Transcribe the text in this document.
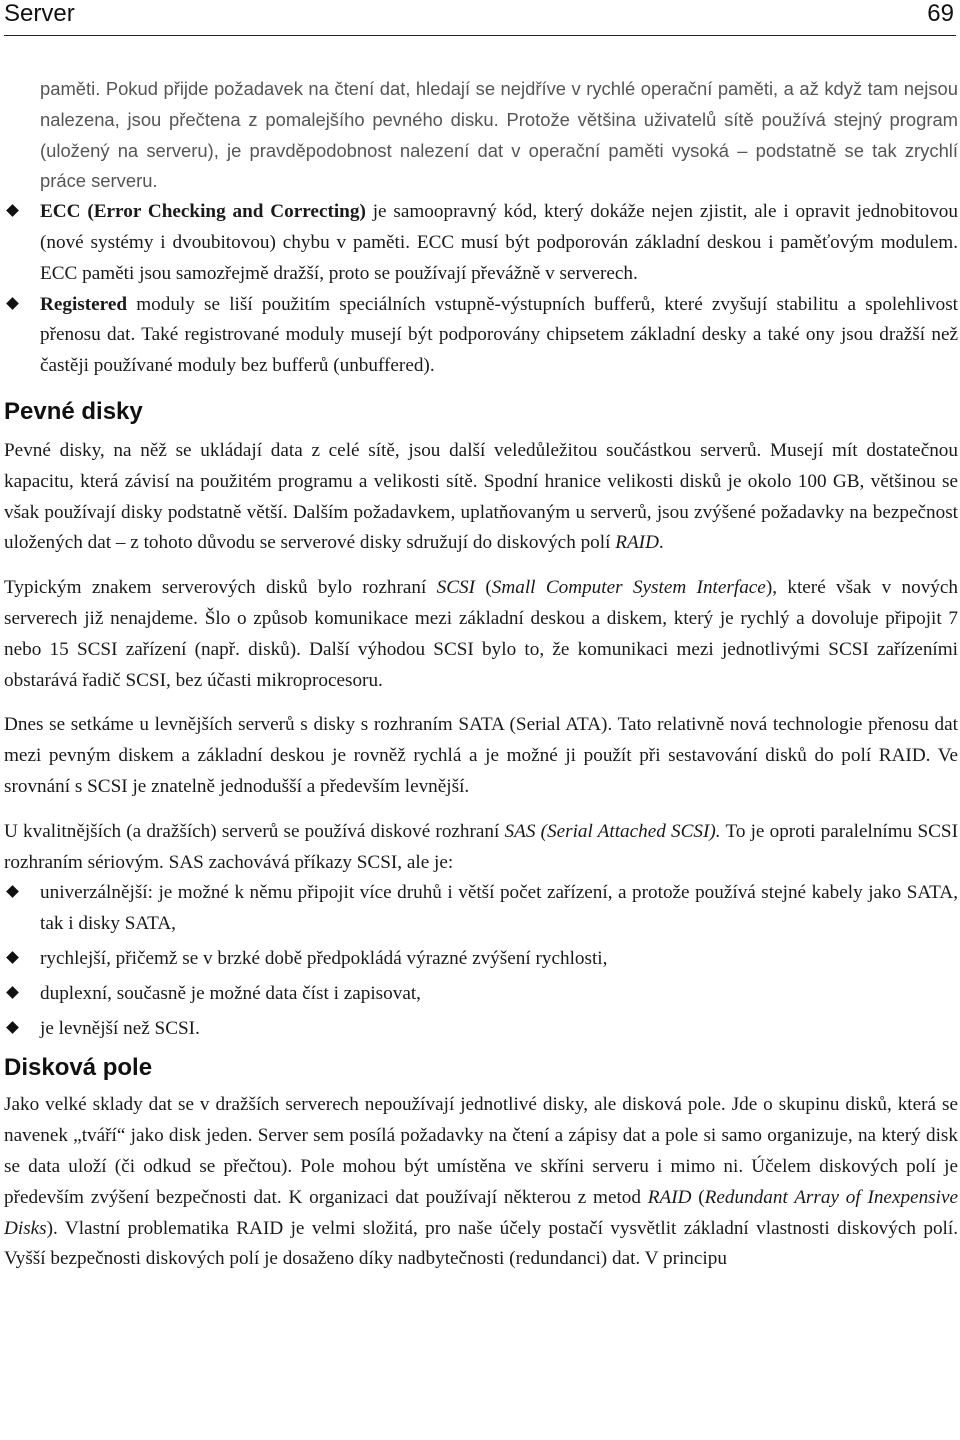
Server	69

paměti. Pokud přijde požadavek na čtení dat, hledají se nejdříve v rychlé operační paměti, a až když tam nejsou nalezena, jsou přečtena z pomalejšího pevného disku. Protože většina uživatelů sítě používá stejný program (uložený na serveru), je pravděpodobnost nalezení dat v operační paměti vysoká – podstatně se tak zrychlí práce serveru.

ECC (Error Checking and Correcting) je samoopravný kód, který dokáže nejen zjistit, ale i opravit jednobitovou (nové systémy i dvoubitovou) chybu v paměti. ECC musí být podporován základní deskou i paměťovým modulem. ECC paměti jsou samozřejmě dražší, proto se používají převážně v serverech.
Registered moduly se liší použitím speciálních vstupně-výstupních bufferů, které zvyšují stabilitu a spolehlivost přenosu dat. Také registrované moduly musejí být podporovány chipsetem základní desky a také ony jsou dražší než častěji používané moduly bez bufferů (unbuffered).
Pevné disky

Pevné disky, na něž se ukládají data z celé sítě, jsou další veledůležitou součástkou serverů. Musejí mít dostatečnou kapacitu, která závisí na použitém programu a velikosti sítě. Spodní hranice velikosti disků je okolo 100 GB, většinou se však používají disky podstatně větší. Dalším požadavkem, uplatňovaným u serverů, jsou zvýšené požadavky na bezpečnost uložených dat – z tohoto důvodu se serverové disky sdružují do diskových polí RAID.

Typickým znakem serverových disků bylo rozhraní SCSI (Small Computer System Interface), které však v nových serverech již nenajdeme. Šlo o způsob komunikace mezi základní deskou a diskem, který je rychlý a dovoluje připojit 7 nebo 15 SCSI zařízení (např. disků). Další výhodou SCSI bylo to, že komunikaci mezi jednotlivými SCSI zařízeními obstarává řadič SCSI, bez účasti mikroprocesoru.

Dnes se setkáme u levnějších serverů s disky s rozhraním SATA (Serial ATA). Tato relativně nová technologie přenosu dat mezi pevným diskem a základní deskou je rovněž rychlá a je možné ji použít při sestavování disků do polí RAID. Ve srovnání s SCSI je znatelně jednodušší a především levnější.

U kvalitnějších (a dražších) serverů se používá diskové rozhraní SAS (Serial Attached SCSI). To je oproti paralelnímu SCSI rozhraním sériovým. SAS zachovává příkazy SCSI, ale je:

univerzálnější: je možné k němu připojit více druhů i větší počet zařízení, a protože používá stejné kabely jako SATA, tak i disky SATA,
rychlejší, přičemž se v brzké době předpokládá výrazné zvýšení rychlosti,
duplexní, současně je možné data číst i zapisovat,
je levnější než SCSI.
Disková pole

Jako velké sklady dat se v dražších serverech nepoužívají jednotlivé disky, ale disková pole. Jde o skupinu disků, která se navenek „tváří“ jako disk jeden. Server sem posílá požadavky na čtení a zápisy dat a pole si samo organizuje, na který disk se data uloží (či odkud se přečtou). Pole mohou být umístěna ve skříni serveru i mimo ni. Účelem diskových polí je především zvýšení bezpečnosti dat. K organizaci dat používají některou z metod RAID (Redundant Array of Inexpensive Disks). Vlastní problematika RAID je velmi složitá, pro naše účely postačí vysvětlit základní vlastnosti diskových polí. Vyšší bezpečnosti diskových polí je dosaženo díky nadbytečnosti (redundanci) dat. V principu
